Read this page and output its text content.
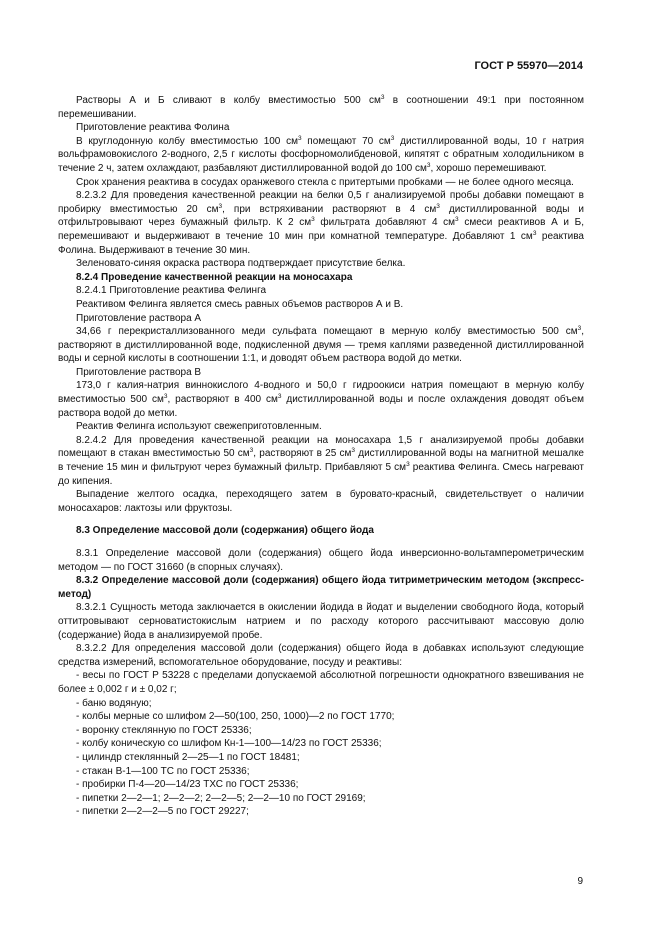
ГОСТ Р 55970—2014

Растворы А и Б сливают в колбу вместимостью 500 $см^3$ в соотношении 49:1 при постоянном перемешивании.

Приготовление реактива Фолина

В круглодонную колбу вместимостью 100 $см^3$ помещают 70 $см^3$ дистиллированной воды, 10 г натрия вольфрамовокислого 2-водного, 2,5 г кислоты фосфорномолибденовой, кипятят с обратным холодильником в течение 2 ч, затем охлаждают, разбавляют дистиллированной водой до 100 $см^3$, хорошо перемешивают.

Срок хранения реактива в сосудах оранжевого стекла с притертыми пробками — не более одного месяца.

8.2.3.2 Для проведения качественной реакции на белки 0,5 г анализируемой пробы добавки помещают в пробирку вместимостью 20 $см^3$, при встряхивании растворяют в 4 $см^3$ дистиллированной воды и отфильтровывают через бумажный фильтр. К 2 $см^3$ фильтрата добавляют 4 $см^3$ смеси реактивов А и Б, перемешивают и выдерживают в течение 10 мин при комнатной температуре. Добавляют 1 $см^3$ реактива Фолина. Выдерживают в течение 30 мин.

Зеленовато-синяя окраска раствора подтверждает присутствие белка.

8.2.4 Проведение качественной реакции на моносахара

8.2.4.1 Приготовление реактива Фелинга

Реактивом Фелинга является смесь равных объемов растворов А и В.

Приготовление раствора А

34,66 г перекристаллизованного меди сульфата помещают в мерную колбу вместимостью 500 $см^3$, растворяют в дистиллированной воде, подкисленной двумя — тремя каплями разведенной дистиллированной воды и серной кислоты в соотношении 1:1, и доводят объем раствора водой до метки.

Приготовление раствора В

173,0 г калия-натрия виннокислого 4-водного и 50,0 г гидроокиси натрия помещают в мерную колбу вместимостью 500 $см^3$, растворяют в 400 $см^3$ дистиллированной воды и после охлаждения доводят объем раствора водой до метки.

Реактив Фелинга используют свежеприготовленным.

8.2.4.2 Для проведения качественной реакции на моносахара 1,5 г анализируемой пробы добавки помещают в стакан вместимостью 50 $см^3$, растворяют в 25 $см^3$ дистиллированной воды на магнитной мешалке в течение 15 мин и фильтруют через бумажный фильтр. Прибавляют 5 $см^3$ реактива Фелинга. Смесь нагревают до кипения.

Выпадение желтого осадка, переходящего затем в буровато-красный, свидетельствует о наличии моносахаров: лактозы или фруктозы.

8.3 Определение массовой доли (содержания) общего йода

8.3.1 Определение массовой доли (содержания) общего йода инверсионно-вольтамперометрическим методом — по ГОСТ 31660 (в спорных случаях).

8.3.2 Определение массовой доли (содержания) общего йода титриметрическим методом (экспресс-метод)

8.3.2.1 Сущность метода заключается в окислении йодида в йодат и выделении свободного йода, который оттитровывают серноватистокислым натрием и по расходу которого рассчитывают массовую долю (содержание) йода в анализируемой пробе.

8.3.2.2 Для определения массовой доли (содержания) общего йода в добавках используют следующие средства измерений, вспомогательное оборудование, посуду и реактивы:

- весы по ГОСТ Р 53228 с пределами допускаемой абсолютной погрешности однократного взвешивания не более ± 0,002 г и ± 0,02 г;

- баню водяную;

- колбы мерные со шлифом 2—50(100, 250, 1000)—2 по ГОСТ 1770;

- воронку стеклянную по ГОСТ 25336;

- колбу коническую со шлифом Кн-1—100—14/23 по ГОСТ 25336;

- цилиндр стеклянный 2—25—1 по ГОСТ 18481;

- стакан В-1—100 ТС по ГОСТ 25336;

- пробирки П-4—20—14/23 ТХС по ГОСТ 25336;

- пипетки 2—2—1; 2—2—2; 2—2—5; 2—2—10 по ГОСТ 29169;

- пипетки 2—2—2—5 по ГОСТ 29227;

9
